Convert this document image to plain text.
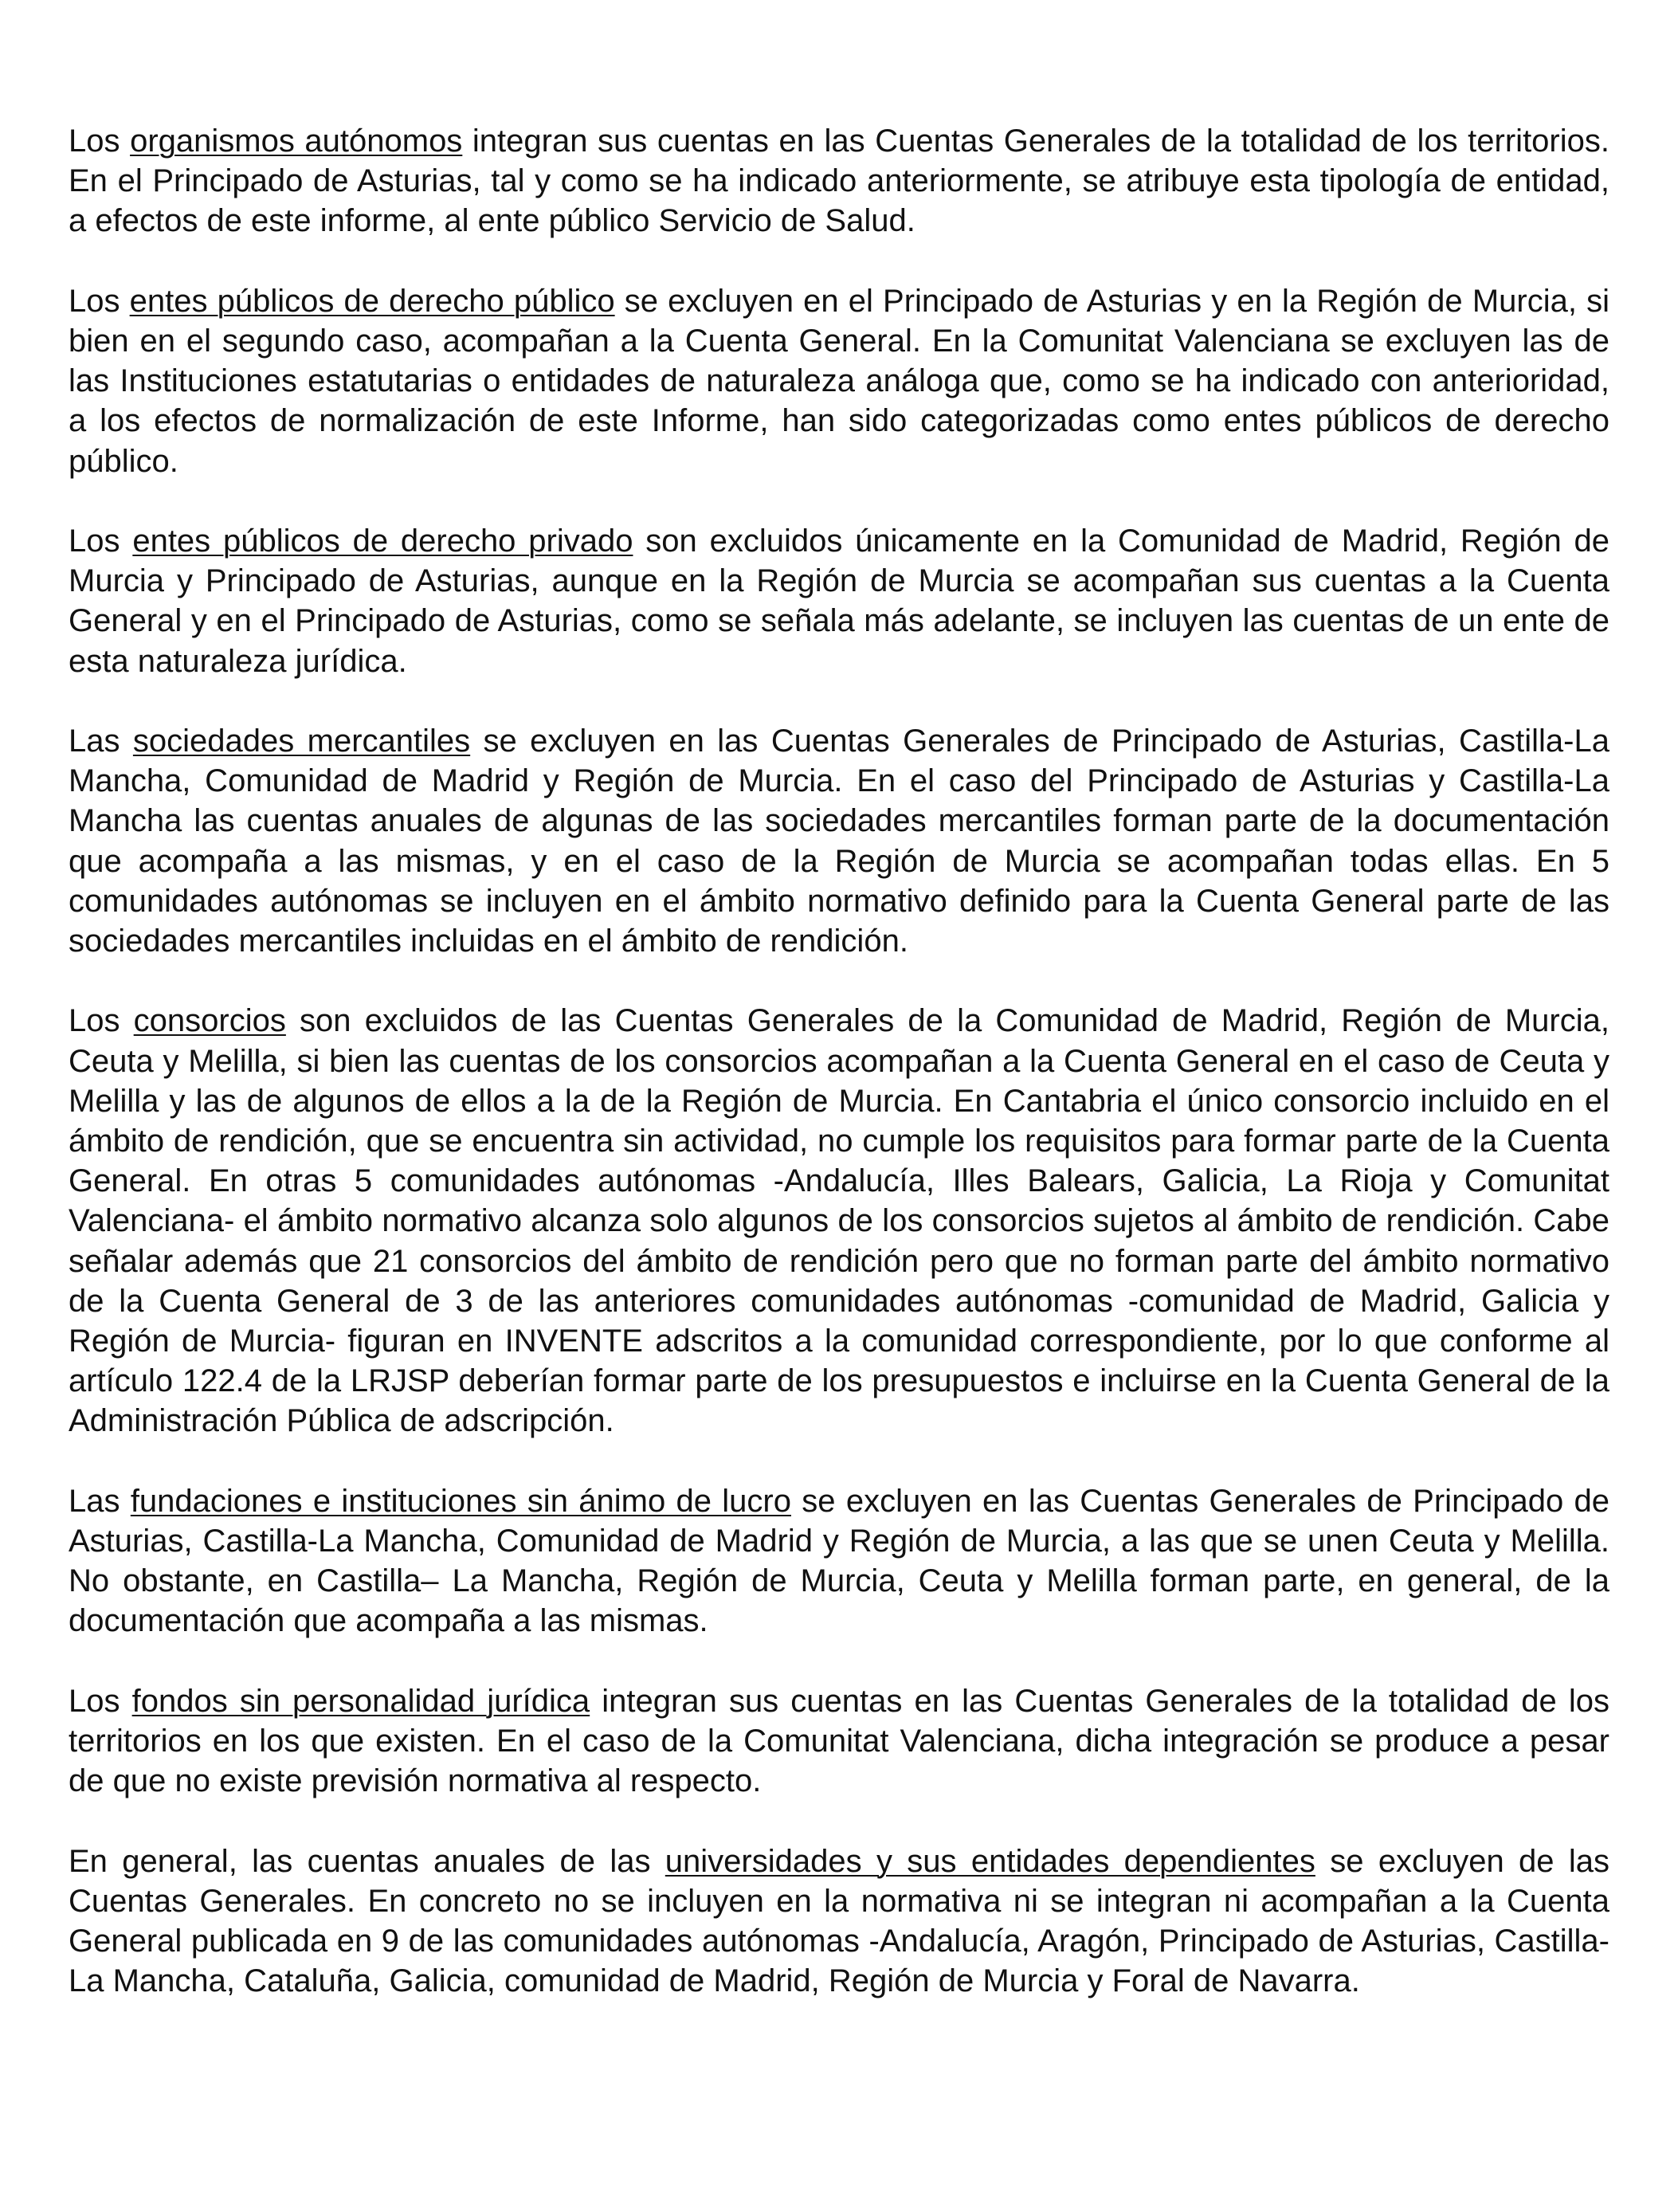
Los organismos autónomos integran sus cuentas en las Cuentas Generales de la totalidad de los territorios. En el Principado de Asturias, tal y como se ha indicado anteriormente, se atribuye esta tipología de entidad, a efectos de este informe, al ente público Servicio de Salud.

Los entes públicos de derecho público se excluyen en el Principado de Asturias y en la Región de Murcia, si bien en el segundo caso, acompañan a la Cuenta General. En la Comunitat Valenciana se excluyen las de las Instituciones estatutarias o entidades de naturaleza análoga que, como se ha indicado con anterioridad, a los efectos de normalización de este Informe, han sido categorizadas como entes públicos de derecho público.

Los entes públicos de derecho privado son excluidos únicamente en la Comunidad de Madrid, Región de Murcia y Principado de Asturias, aunque en la Región de Murcia se acompañan sus cuentas a la Cuenta General y en el Principado de Asturias, como se señala más adelante, se incluyen las cuentas de un ente de esta naturaleza jurídica.

Las sociedades mercantiles se excluyen en las Cuentas Generales de Principado de Asturias, Castilla-La Mancha, Comunidad de Madrid y Región de Murcia. En el caso del Principado de Asturias y Castilla-La Mancha las cuentas anuales de algunas de las sociedades mercantiles forman parte de la documentación que acompaña a las mismas, y en el caso de la Región de Murcia se acompañan todas ellas. En 5 comunidades autónomas se incluyen en el ámbito normativo definido para la Cuenta General parte de las sociedades mercantiles incluidas en el ámbito de rendición.

Los consorcios son excluidos de las Cuentas Generales de la Comunidad de Madrid, Región de Murcia, Ceuta y Melilla, si bien las cuentas de los consorcios acompañan a la Cuenta General en el caso de Ceuta y Melilla y las de algunos de ellos a la de la Región de Murcia. En Cantabria el único consorcio incluido en el ámbito de rendición, que se encuentra sin actividad, no cumple los requisitos para formar parte de la Cuenta General. En otras 5 comunidades autónomas -Andalucía, Illes Balears, Galicia, La Rioja y Comunitat Valenciana- el ámbito normativo alcanza solo algunos de los consorcios sujetos al ámbito de rendición. Cabe señalar además que 21 consorcios del ámbito de rendición pero que no forman parte del ámbito normativo de la Cuenta General de 3 de las anteriores comunidades autónomas -comunidad de Madrid, Galicia y Región de Murcia- figuran en INVENTE adscritos a la comunidad correspondiente, por lo que conforme al artículo 122.4 de la LRJSP deberían formar parte de los presupuestos e incluirse en la Cuenta General de la Administración Pública de adscripción.

Las fundaciones e instituciones sin ánimo de lucro se excluyen en las Cuentas Generales de Principado de Asturias, Castilla-La Mancha, Comunidad de Madrid y Región de Murcia, a las que se unen Ceuta y Melilla. No obstante, en Castilla– La Mancha, Región de Murcia, Ceuta y Melilla forman parte, en general, de la documentación que acompaña a las mismas.

Los fondos sin personalidad jurídica integran sus cuentas en las Cuentas Generales de la totalidad de los territorios en los que existen. En el caso de la Comunitat Valenciana, dicha integración se produce a pesar de que no existe previsión normativa al respecto.

En general, las cuentas anuales de las universidades y sus entidades dependientes se excluyen de las Cuentas Generales. En concreto no se incluyen en la normativa ni se integran ni acompañan a la Cuenta General publicada en 9 de las comunidades autónomas -Andalucía, Aragón, Principado de Asturias, Castilla-La Mancha, Cataluña, Galicia, comunidad de Madrid, Región de Murcia y Foral de Navarra.
